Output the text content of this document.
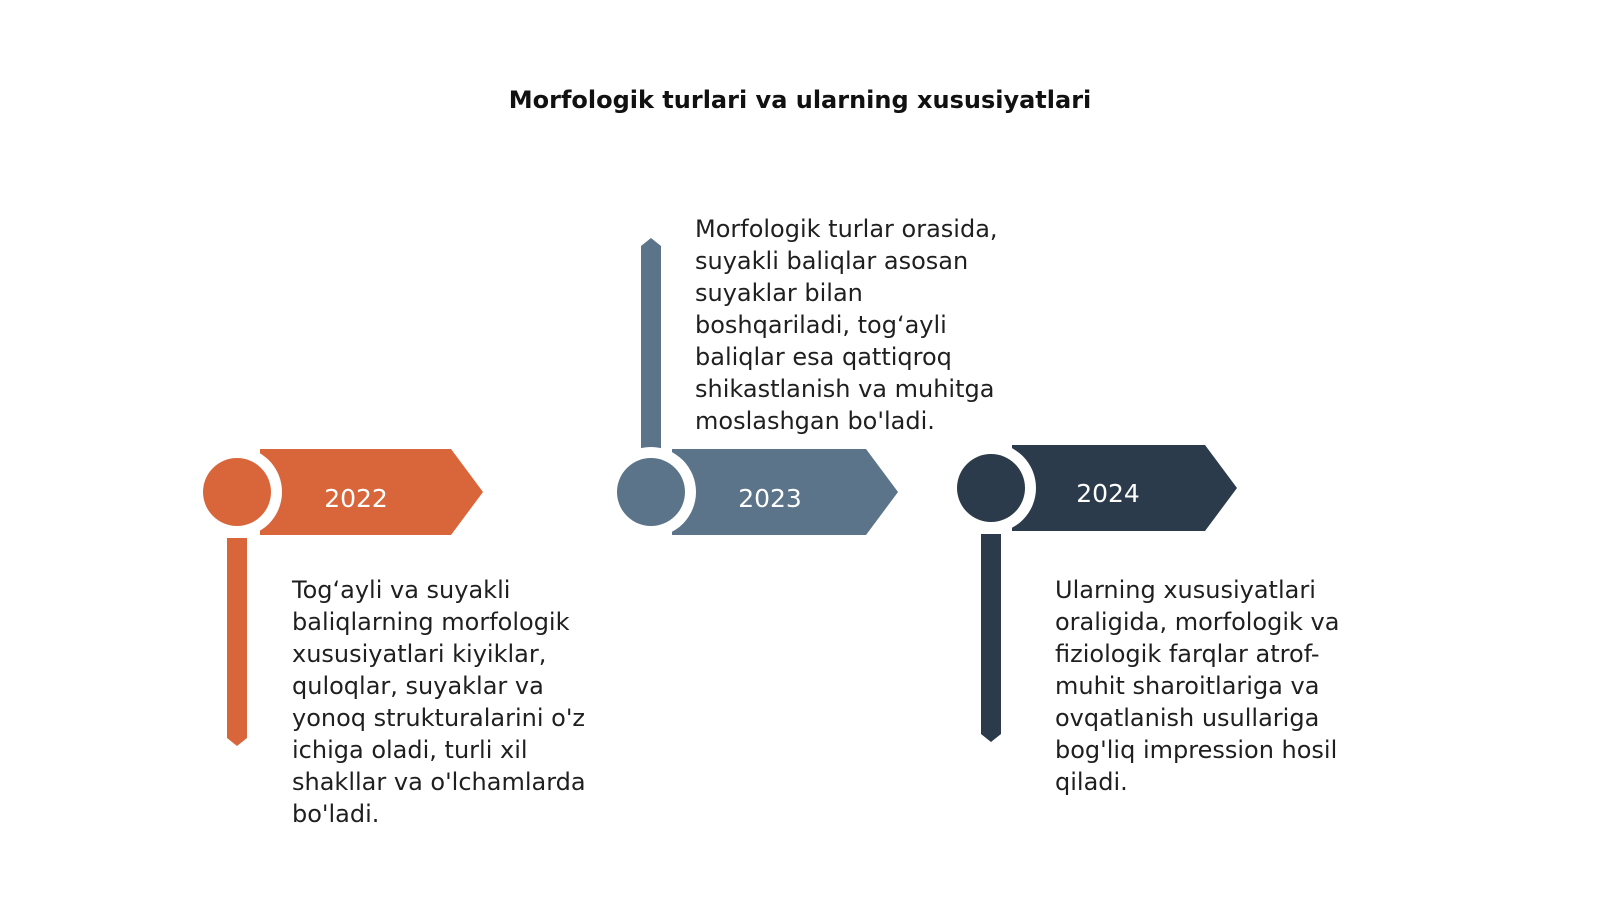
Morfologik turlari va ularning xususiyatlari
2022	2023	2024
Tog‘ayli va suyakli
baliqlarning morfologik
xususiyatlari kiyiklar,
quloqlar, suyaklar va
yonoq strukturalarini o'z
ichiga oladi, turli xil
shakllar va o'lchamlarda
bo'ladi.
Morfologik turlar orasida,
suyakli baliqlar asosan
suyaklar bilan
boshqariladi, tog‘ayli
baliqlar esa qattiqroq
shikastlanish va muhitga
moslashgan bo'ladi.
Ularning xususiyatlari
oraligida, morfologik va
fiziologik farqlar atrof-
muhit sharoitlariga va
ovqatlanish usullariga
bog'liq impression hosil
qiladi.
